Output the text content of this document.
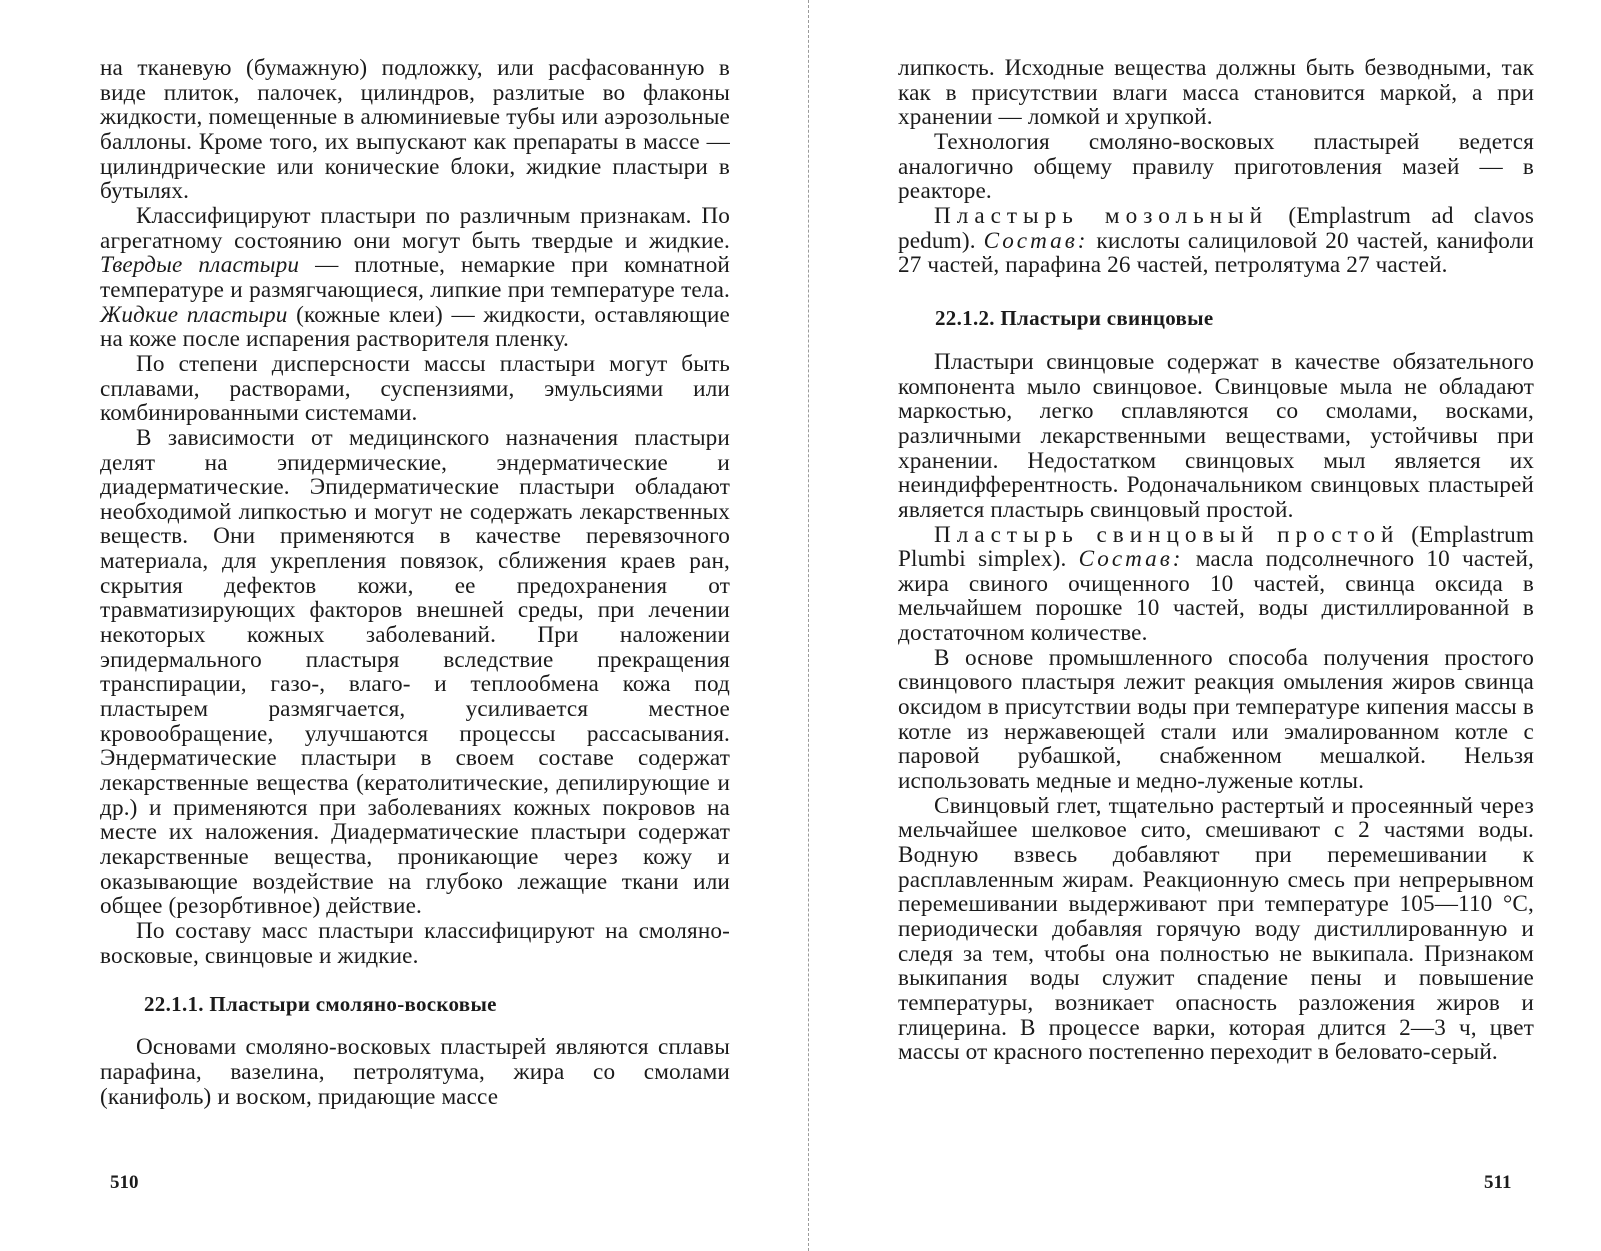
на тканевую (бумажную) подложку, или расфасованную в виде плиток, палочек, цилиндров, разлитые во флаконы жидкости, помещенные в алюминиевые тубы или аэрозольные баллоны. Кроме того, их выпускают как препараты в массе — цилиндрические или конические блоки, жидкие пластыри в бутылях.

Классифицируют пластыри по различным признакам. По агрегатному состоянию они могут быть твердые и жидкие. Твердые пластыри — плотные, немаркие при комнатной температуре и размягчающиеся, липкие при температуре тела. Жидкие пластыри (кожные клеи) — жидкости, оставляющие на коже после испарения растворителя пленку.

По степени дисперсности массы пластыри могут быть сплавами, растворами, суспензиями, эмульсиями или комбинированными системами.

В зависимости от медицинского назначения пластыри делят на эпидермические, эндерматические и диадерматические. Эпидерматические пластыри обладают необходимой липкостью и могут не содержать лекарственных веществ. Они применяются в качестве перевязочного материала, для укрепления повязок, сближения краев ран, скрытия дефектов кожи, ее предохранения от травматизирующих факторов внешней среды, при лечении некоторых кожных заболеваний. При наложении эпидермального пластыря вследствие прекращения транспирации, газо-, влаго- и теплообмена кожа под пластырем размягчается, усиливается местное кровообращение, улучшаются процессы рассасывания. Эндерматические пластыри в своем составе содержат лекарственные вещества (кератолитические, депилирующие и др.) и применяются при заболеваниях кожных покровов на месте их наложения. Диадерматические пластыри содержат лекарственные вещества, проникающие через кожу и оказывающие воздействие на глубоко лежащие ткани или общее (резорбтивное) действие.

По составу масс пластыри классифицируют на смоляно-восковые, свинцовые и жидкие.

22.1.1. Пластыри смоляно-восковые

Основами смоляно-восковых пластырей являются сплавы парафина, вазелина, петролятума, жира со смолами (канифоль) и воском, придающие массе

510

липкость. Исходные вещества должны быть безводными, так как в присутствии влаги масса становится маркой, а при хранении — ломкой и хрупкой.

Технология смоляно-восковых пластырей ведется аналогично общему правилу приготовления мазей — в реакторе.

Пластырь мозольный (Emplastrum ad clavos pedum). Состав: кислоты салициловой 20 частей, канифоли 27 частей, парафина 26 частей, петролятума 27 частей.

22.1.2. Пластыри свинцовые

Пластыри свинцовые содержат в качестве обязательного компонента мыло свинцовое. Свинцовые мыла не обладают маркостью, легко сплавляются со смолами, восками, различными лекарственными веществами, устойчивы при хранении. Недостатком свинцовых мыл является их неиндифферентность. Родоначальником свинцовых пластырей является пластырь свинцовый простой.

Пластырь свинцовый простой (Emplastrum Plumbi simplex). Состав: масла подсолнечного 10 частей, жира свиного очищенного 10 частей, свинца оксида в мельчайшем порошке 10 частей, воды дистиллированной в достаточном количестве.

В основе промышленного способа получения простого свинцового пластыря лежит реакция омыления жиров свинца оксидом в присутствии воды при температуре кипения массы в котле из нержавеющей стали или эмалированном котле с паровой рубашкой, снабженном мешалкой. Нельзя использовать медные и медно-луженые котлы.

Свинцовый глет, тщательно растертый и просеянный через мельчайшее шелковое сито, смешивают с 2 частями воды. Водную взвесь добавляют при перемешивании к расплавленным жирам. Реакционную смесь при непрерывном перемешивании выдерживают при температуре 105—110 °С, периодически добавляя горячую воду дистиллированную и следя за тем, чтобы она полностью не выкипала. Признаком выкипания воды служит спадение пены и повышение температуры, возникает опасность разложения жиров и глицерина. В процессе варки, которая длится 2—3 ч, цвет массы от красного постепенно переходит в беловато-серый.

511
